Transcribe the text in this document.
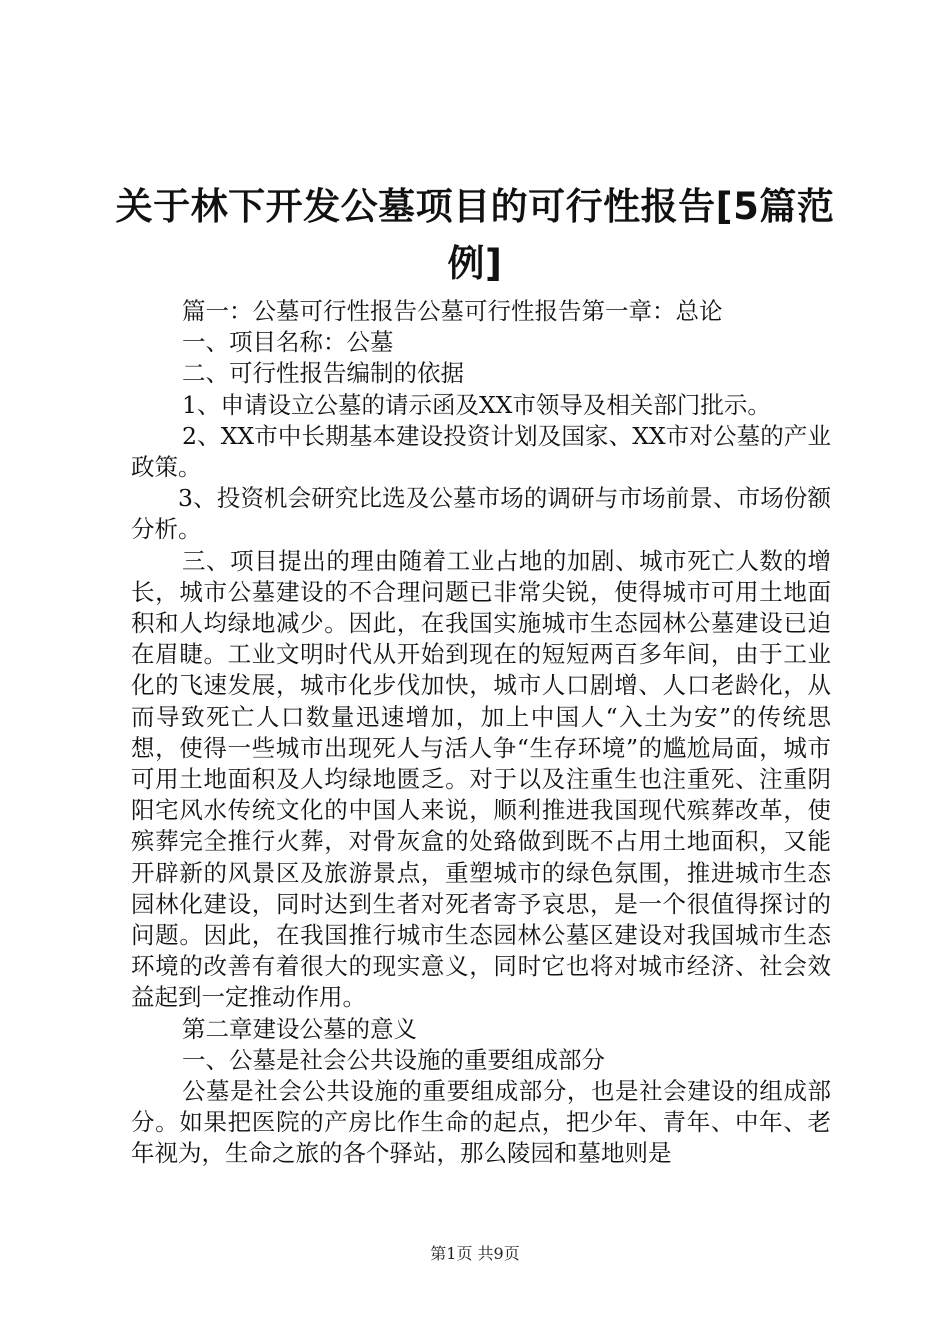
关于林下开发公墓项目的可行性报告[5篇范例]

篇一：公墓可行性报告公墓可行性报告第一章：总论

一、项目名称：公墓

二、可行性报告编制的依据

1、申请设立公墓的请示函及XX市领导及相关部门批示。

2、XX市中长期基本建设投资计划及国家、XX市对公墓的产业政策。

3、投资机会研究比选及公墓市场的调研与市场前景、市场份额分析。

三、项目提出的理由随着工业占地的加剧、城市死亡人数的增长，城市公墓建设的不合理问题已非常尖锐，使得城市可用土地面积和人均绿地减少。因此，在我国实施城市生态园林公墓建设已迫在眉睫。工业文明时代从开始到现在的短短两百多年间，由于工业化的飞速发展，城市化步伐加快，城市人口剧增、人口老龄化，从而导致死亡人口数量迅速增加，加上中国人“入土为安”的传统思想，使得一些城市出现死人与活人争“生存环境”的尴尬局面，城市可用土地面积及人均绿地匮乏。对于以及注重生也注重死、注重阴阳宅风水传统文化的中国人来说，顺利推进我国现代殡葬改革，使殡葬完全推行火葬，对骨灰盒的处臵做到既不占用土地面积，又能开辟新的风景区及旅游景点，重塑城市的绿色氛围，推进城市生态园林化建设，同时达到生者对死者寄予哀思，是一个很值得探讨的问题。因此，在我国推行城市生态园林公墓区建设对我国城市生态环境的改善有着很大的现实意义，同时它也将对城市经济、社会效益起到一定推动作用。

第二章建设公墓的意义

一、公墓是社会公共设施的重要组成部分

公墓是社会公共设施的重要组成部分，也是社会建设的组成部分。如果把医院的产房比作生命的起点，把少年、青年、中年、老年视为，生命之旅的各个驿站，那么陵园和墓地则是

第1页 共9页
